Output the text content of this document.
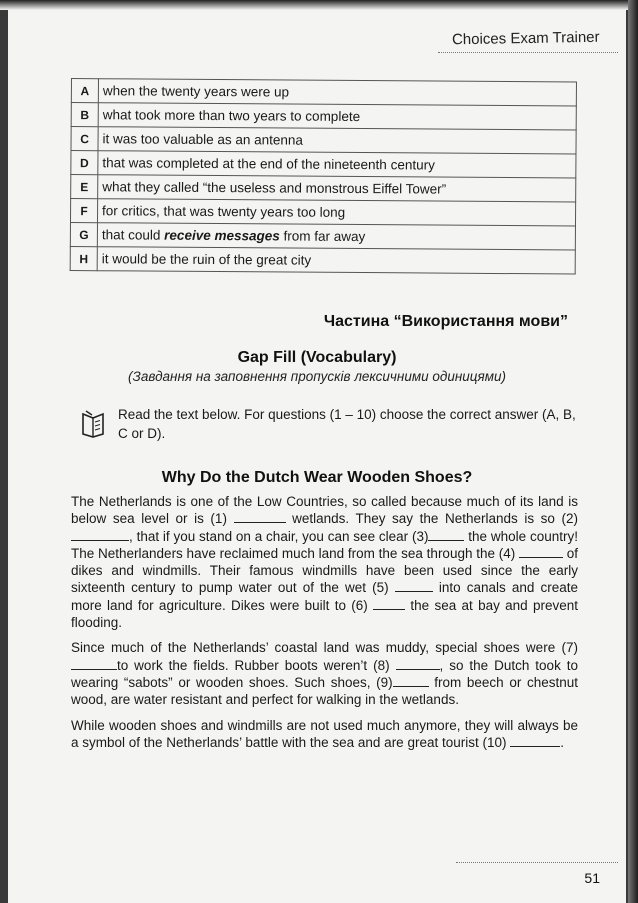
Choices Exam Trainer
A	when the twenty years were up
B	what took more than two years to complete
C	it was too valuable as an antenna
D	that was completed at the end of the nineteenth century
E	what they called “the useless and monstrous Eiffel Tower”
F	for critics, that was twenty years too long
G	that could receive messages from far away
H	it would be the ruin of the great city
Частина “Використання мови”
Gap Fill (Vocabulary)
(Завдання на заповнення пропусків лексичними одиницями)
Read the text below. For questions (1 – 10) choose the correct answer (A, B, C or D).
Why Do the Dutch Wear Wooden Shoes?

The Netherlands is one of the Low Countries, so called because much of its land is below sea level or is (1)	wetlands. They say the Netherlands is so (2) , that if you stand on a chair, you can see clear (3)	the whole country! The Netherlanders have reclaimed much land from the sea through the (4)	of dikes and windmills. Their famous windmills have been used since the early sixteenth century to pump water out of the wet (5)	into canals and create more land for agriculture. Dikes were built to (6)  the sea at bay and prevent flooding.

Since much of the Netherlands’ coastal land was muddy, special shoes were (7)to work the fields. Rubber boots weren’t (8)	, so the Dutch took to wearing “sabots” or wooden shoes. Such shoes, (9)	from beech or chestnut wood, are water resistant and perfect for walking in the wetlands.

While wooden shoes and windmills are not used much anymore, they will always be a symbol of the Netherlands’ battle with the sea and are great tourist (10)	.

51
